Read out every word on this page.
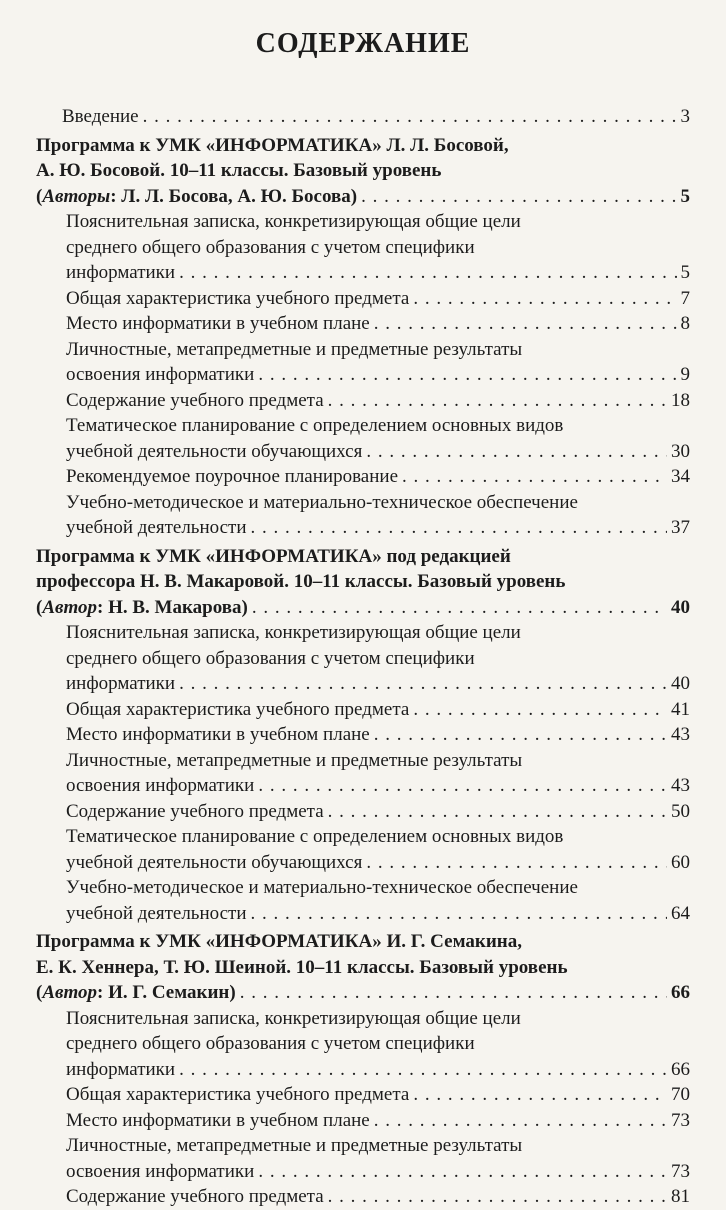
СОДЕРЖАНИЕ
Введение . . .	3
Программа к УМК «ИНФОРМАТИКА» Л. Л. Босовой,
А. Ю. Босовой. 10–11 классы. Базовый уровень
(Авторы: Л. Л. Босова, А. Ю. Босова) . . .	5
Пояснительная записка, конкретизирующая общие цели
среднего общего образования с учетом специфики
информатики . . .	5
Общая характеристика учебного предмета . . .	7
Место информатики в учебном плане . . .	8
Личностные, метапредметные и предметные результаты
освоения информатики . . .	9
Содержание учебного предмета . . .	18
Тематическое планирование с определением основных видов
учебной деятельности обучающихся . . .	30
Рекомендуемое поурочное планирование . . .	34
Учебно-методическое и материально-техническое обеспечение
учебной деятельности . . .	37
Программа к УМК «ИНФОРМАТИКА» под редакцией
профессора Н. В. Макаровой. 10–11 классы. Базовый уровень
(Автор: Н. В. Макарова) . . .	40
Пояснительная записка, конкретизирующая общие цели
среднего общего образования с учетом специфики
информатики . . .	40
Общая характеристика учебного предмета . . .	41
Место информатики в учебном плане . . .	43
Личностные, метапредметные и предметные результаты
освоения информатики . . .	43
Содержание учебного предмета . . .	50
Тематическое планирование с определением основных видов
учебной деятельности обучающихся . . .	60
Учебно-методическое и материально-техническое обеспечение
учебной деятельности . . .	64
Программа к УМК «ИНФОРМАТИКА» И. Г. Семакина,
Е. К. Хеннера, Т. Ю. Шеиной. 10–11 классы. Базовый уровень
(Автор: И. Г. Семакин) . . .	66
Пояснительная записка, конкретизирующая общие цели
среднего общего образования с учетом специфики
информатики . . .	66
Общая характеристика учебного предмета . . .	70
Место информатики в учебном плане . . .	73
Личностные, метапредметные и предметные результаты
освоения информатики . . .	73
Содержание учебного предмета . . .	81
